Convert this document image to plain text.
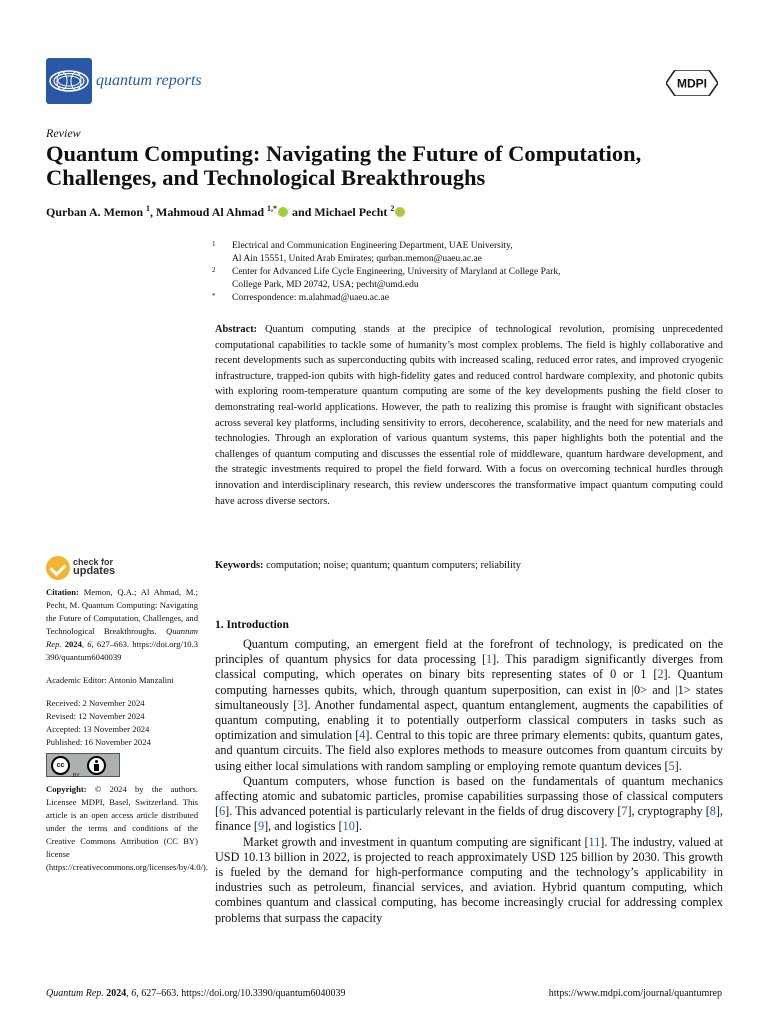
quantum reports	MDPI
Review
Quantum Computing: Navigating the Future of Computation, Challenges, and Technological Breakthroughs
Qurban A. Memon $^1$, Mahmoud Al Ahmad $^{1,*}$ and Michael Pecht $^2$
1 Electrical and Communication Engineering Department, UAE University,
Al Ain 15551, United Arab Emirates; qurban.memon@uaeu.ac.ae
2 Center for Advanced Life Cycle Engineering, University of Maryland at College Park,
College Park, MD 20742, USA; pecht@umd.edu
* Correspondence: m.alahmad@uaeu.ac.ae
Abstract: Quantum computing stands at the precipice of technological revolution, promising unprecedented computational capabilities to tackle some of humanity’s most complex problems. The field is highly collaborative and recent developments such as superconducting qubits with increased scaling, reduced error rates, and improved cryogenic infrastructure, trapped-ion qubits with high-fidelity gates and reduced control hardware complexity, and photonic qubits with exploring room-temperature quantum computing are some of the key developments pushing the field closer to demonstrating real-world applications. However, the path to realizing this promise is fraught with significant obstacles across several key platforms, including sensitivity to errors, decoherence, scalability, and the need for new materials and technologies. Through an exploration of various quantum systems, this paper highlights both the potential and the challenges of quantum computing and discusses the essential role of middleware, quantum hardware development, and the strategic investments required to propel the field forward. With a focus on overcoming technical hurdles through innovation and interdisciplinary research, this review underscores the transformative impact quantum computing could have across diverse sectors.
Keywords: computation; noise; quantum; quantum computers; reliability
check for
updates
Citation: Memon, Q.A.; Al Ahmad, M.; Pecht, M. Quantum Computing: Navigating the Future of Computation, Challenges, and Technological Breakthroughs. Quantum Rep. 2024, 6, 627–663. https://doi.org/10.3390/quantum6040039
Academic Editor: Antonio Manzalini
Received: 2 November 2024
Revised: 12 November 2024
Accepted: 13 November 2024
Published: 16 November 2024
cc
BY
Copyright: © 2024 by the authors. Licensee MDPI, Basel, Switzerland. This article is an open access article distributed under the terms and conditions of the Creative Commons Attribution (CC BY) license (https://creativecommons.org/licenses/by/4.0/).
1. Introduction

Quantum computing, an emergent field at the forefront of technology, is predicated on the principles of quantum physics for data processing [1]. This paradigm significantly diverges from classical computing, which operates on binary bits representing states of 0 or 1 [2]. Quantum computing harnesses qubits, which, through quantum superposition, can exist in |0> and |1> states simultaneously [3]. Another fundamental aspect, quantum entanglement, augments the capabilities of quantum computing, enabling it to potentially outperform classical computers in tasks such as optimization and simulation [4]. Central to this topic are three primary elements: qubits, quantum gates, and quantum circuits. The field also explores methods to measure outcomes from quantum circuits by using either local simulations with random sampling or employing remote quantum devices [5].

Quantum computers, whose function is based on the fundamentals of quantum mechanics affecting atomic and subatomic particles, promise capabilities surpassing those of classical computers [6]. This advanced potential is particularly relevant in the fields of drug discovery [7], cryptography [8], finance [9], and logistics [10].

Market growth and investment in quantum computing are significant [11]. The industry, valued at USD 10.13 billion in 2022, is projected to reach approximately USD 125 billion by 2030. This growth is fueled by the demand for high-performance computing and the technology’s applicability in industries such as petroleum, financial services, and aviation. Hybrid quantum computing, which combines quantum and classical computing, has become increasingly crucial for addressing complex problems that surpass the capacity

Quantum Rep. 2024, 6, 627–663. https://doi.org/10.3390/quantum6040039	https://www.mdpi.com/journal/quantumrep
